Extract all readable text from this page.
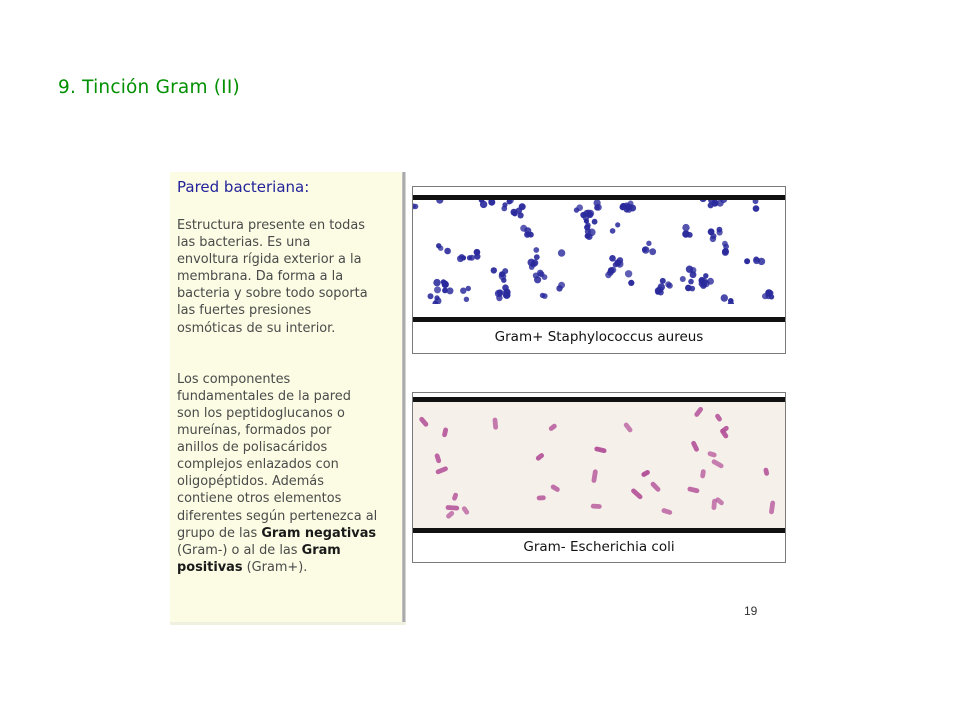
9. Tinción Gram (II)
Pared bacteriana:

Estructura presente en todas
las bacterias. Es una
envoltura rígida exterior a la
membrana. Da forma a la
bacteria y sobre todo soporta
las fuertes presiones
osmóticas de su interior.

Los componentes
fundamentales de la pared
son los peptidoglucanos o
mureínas, formados por
anillos de polisacáridos
complejos enlazados con
oligopéptidos. Además
contiene otros elementos
diferentes según pertenezca al
grupo de las Gram negativas
(Gram-) o al de las Gram
positivas (Gram+).

Gram+ Staphylococcus aureus
Gram- Escherichia coli
19
